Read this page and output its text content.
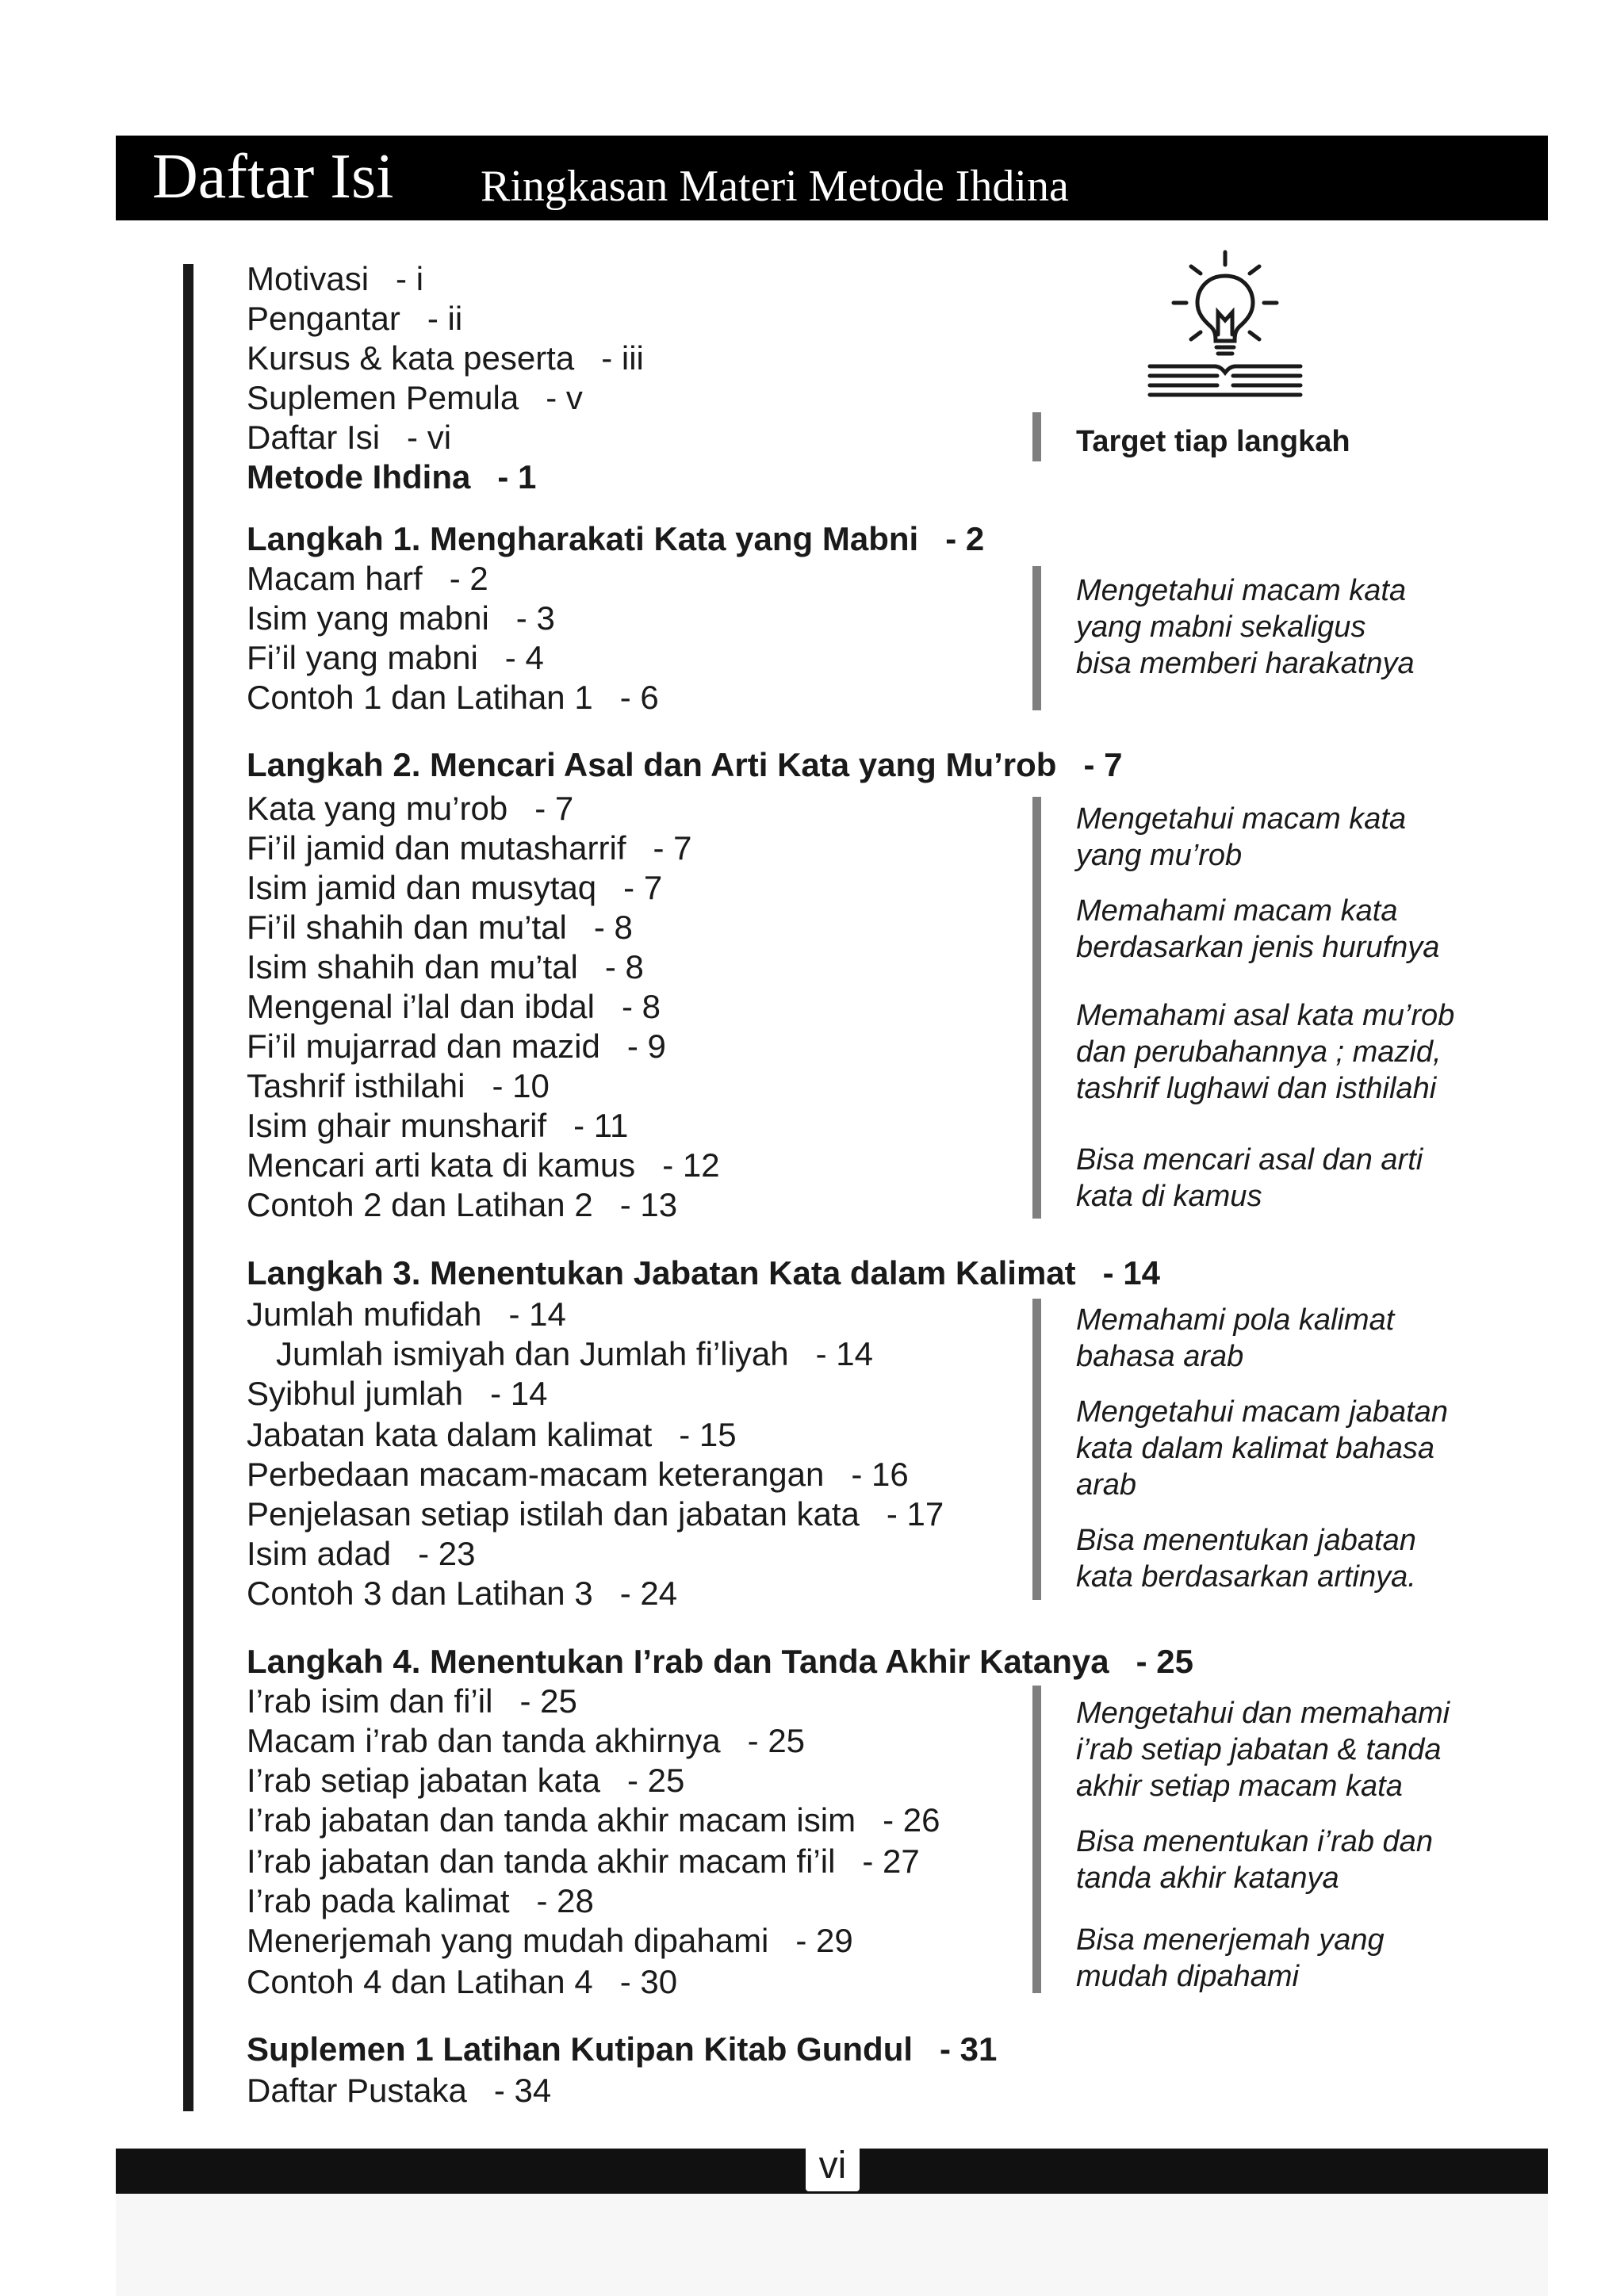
Daftar Isi Ringkasan Materi Metode Ihdina
Motivasi - i
Pengantar - ii
Kursus & kata peserta - iii
Suplemen Pemula - v
Daftar Isi - vi
Metode Ihdina - 1
Langkah 1. Mengharakati Kata yang Mabni - 2
Macam harf - 2
Isim yang mabni - 3
Fi’il yang mabni - 4
Contoh 1 dan Latihan 1 - 6
Langkah 2. Mencari Asal dan Arti Kata yang Mu’rob - 7
Kata yang mu’rob - 7
Fi’il jamid dan mutasharrif - 7
Isim jamid dan musytaq - 7
Fi’il shahih dan mu’tal - 8
Isim shahih dan mu’tal - 8
Mengenal i’lal dan ibdal - 8
Fi’il mujarrad dan mazid - 9
Tashrif isthilahi - 10
Isim ghair munsharif - 11
Mencari arti kata di kamus - 12
Contoh 2 dan Latihan 2 - 13
Langkah 3. Menentukan Jabatan Kata dalam Kalimat - 14
Jumlah mufidah - 14
Jumlah ismiyah dan Jumlah fi’liyah - 14
Syibhul jumlah - 14
Jabatan kata dalam kalimat - 15
Perbedaan macam-macam keterangan - 16
Penjelasan setiap istilah dan jabatan kata - 17
Isim adad - 23
Contoh 3 dan Latihan 3 - 24
Langkah 4. Menentukan I’rab dan Tanda Akhir Katanya - 25
I’rab isim dan fi’il - 25
Macam i’rab dan tanda akhirnya - 25
I’rab setiap jabatan kata - 25
I’rab jabatan dan tanda akhir macam isim - 26
I’rab jabatan dan tanda akhir macam fi’il - 27
I’rab pada kalimat - 28
Menerjemah yang mudah dipahami - 29
Contoh 4 dan Latihan 4 - 30
Suplemen 1 Latihan Kutipan Kitab Gundul - 31
Daftar Pustaka - 34
Target tiap langkah
Mengetahui macam kata
yang mabni sekaligus
bisa memberi harakatnya
Mengetahui macam kata
yang mu’rob
Memahami macam kata
berdasarkan jenis hurufnya
Memahami asal kata mu’rob
dan perubahannya ; mazid,
tashrif lughawi dan isthilahi
Bisa mencari asal dan arti
kata di kamus
Memahami pola kalimat
bahasa arab
Mengetahui macam jabatan
kata dalam kalimat bahasa
arab
Bisa menentukan jabatan
kata berdasarkan artinya.
Mengetahui dan memahami
i’rab setiap jabatan & tanda
akhir setiap macam kata
Bisa menentukan i’rab dan
tanda akhir katanya
Bisa menerjemah yang
mudah dipahami
vi
